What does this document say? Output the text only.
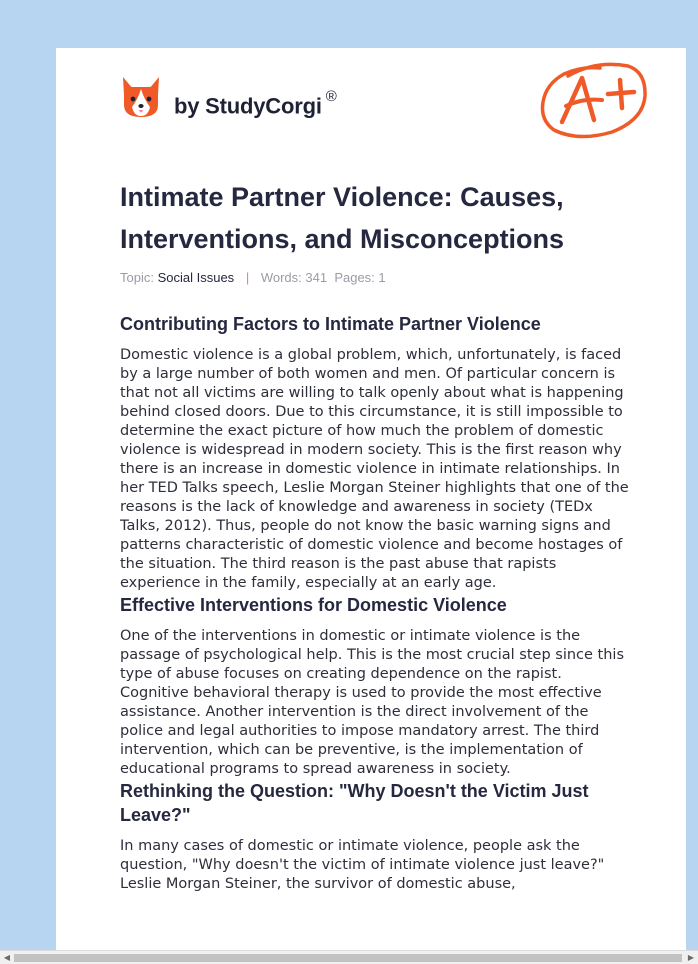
by StudyCorgi ®
A+
Intimate Partner Violence: Causes, Interventions, and Misconceptions
Topic: Social Issues | Words: 341 Pages: 1
Contributing Factors to Intimate Partner Violence

Domestic violence is a global problem, which, unfortunately, is faced by a large number of both women and men. Of particular concern is that not all victims are willing to talk openly about what is happening behind closed doors. Due to this circumstance, it is still impossible to determine the exact picture of how much the problem of domestic violence is widespread in modern society. This is the first reason why there is an increase in domestic violence in intimate relationships. In her TED Talks speech, Leslie Morgan Steiner highlights that one of the reasons is the lack of knowledge and awareness in society (TEDx Talks, 2012). Thus, people do not know the basic warning signs and patterns characteristic of domestic violence and become hostages of the situation. The third reason is the past abuse that rapists experience in the family, especially at an early age.

Effective Interventions for Domestic Violence

One of the interventions in domestic or intimate violence is the passage of psychological help. This is the most crucial step since this type of abuse focuses on creating dependence on the rapist. Cognitive behavioral therapy is used to provide the most effective assistance. Another intervention is the direct involvement of the police and legal authorities to impose mandatory arrest. The third intervention, which can be preventive, is the implementation of educational programs to spread awareness in society.

Rethinking the Question: "Why Doesn't the Victim Just Leave?"

In many cases of domestic or intimate violence, people ask the question, "Why doesn't the victim of intimate violence just leave?" Leslie Morgan Steiner, the survivor of domestic abuse,

◀	▶
